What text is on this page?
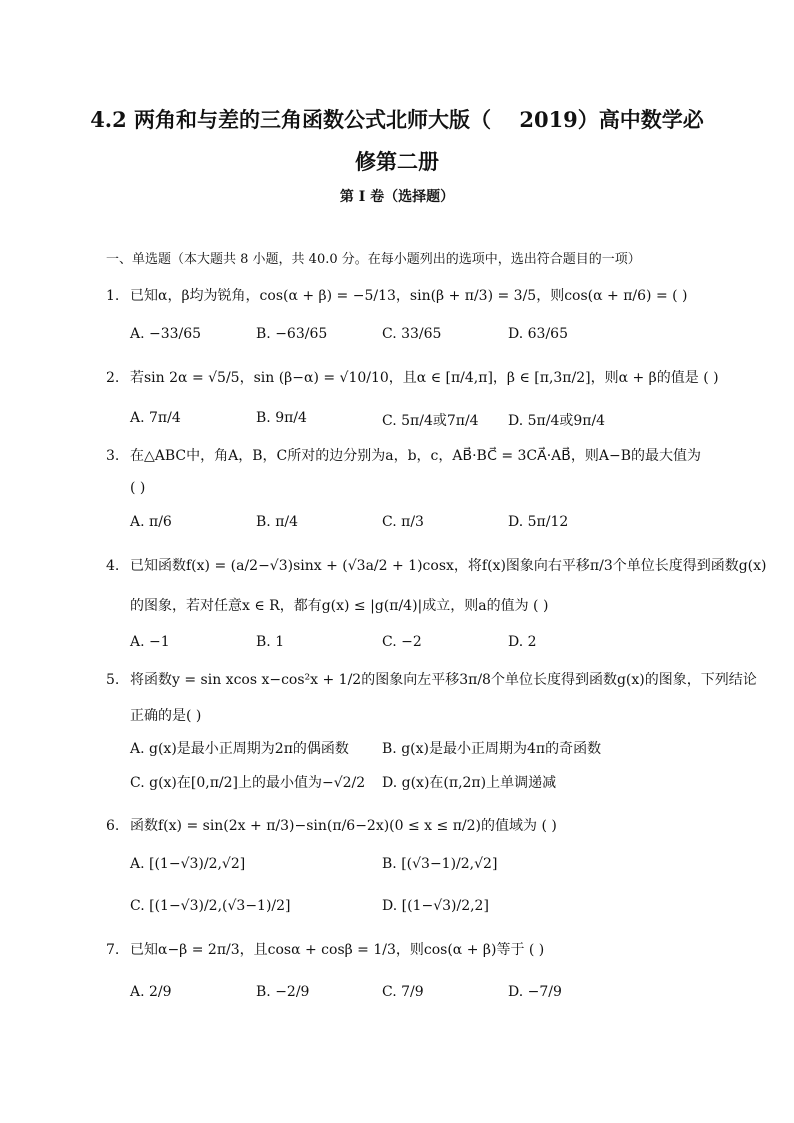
4.2 两角和与差的三角函数公式北师大版（　 2019）高中数学必
修第二册
第 I 卷（选择题）
一、单选题（本大题共 8 小题，共 40.0 分。在每小题列出的选项中，选出符合题目的一项）
1. 已知α，β均为锐角，cos(α + β) = −5/13，sin(β + π/3) = 3/5，则cos(α + π/6) = ( )
A. −33/65	B. −63/65	C. 33/65	D. 63/65
2. 若sin 2α = √5/5，sin (β−α) = √10/10，且α ∈ [π/4,π]，β ∈ [π,3π/2]，则α + β的值是 ( )
A. 7π/4	B. 9π/4	C. 5π/4或7π/4 D. 5π/4或9π/4
3. 在△ABC中，角A，B，C所对的边分别为a，b，c，AB⃗·BC⃗ = 3CA⃗·AB⃗，则A−B的最大值为
( )
A. π/6	B. π/4	C. π/3	D. 5π/12
4. 已知函数f(x) = (a/2−√3)sinx + (√3a/2 + 1)cosx，将f(x)图象向右平移π/3个单位长度得到函数g(x)
的图象，若对任意x ∈ R，都有g(x) ≤ |g(π/4)|成立，则a的值为 ( )
A. −1	B. 1	C. −2	D. 2
5. 将函数y = sin xcos x−cos²x + 1/2的图象向左平移3π/8个单位长度得到函数g(x)的图象，下列结论
正确的是( )
A. g(x)是最小正周期为2π的偶函数 B. g(x)是最小正周期为4π的奇函数
C. g(x)在[0,π/2]上的最小值为−√2/2 D. g(x)在(π,2π)上单调递减
6. 函数f(x) = sin(2x + π/3)−sin(π/6−2x)(0 ≤ x ≤ π/2)的值域为 ( )
A. [(1−√3)/2,√2]	B. [(√3−1)/2,√2]
C. [(1−√3)/2,(√3−1)/2]	D. [(1−√3)/2,2]
7. 已知α−β = 2π/3，且cosα + cosβ = 1/3，则cos(α + β)等于 ( )
A. 2/9	B. −2/9	C. 7/9	D. −7/9
